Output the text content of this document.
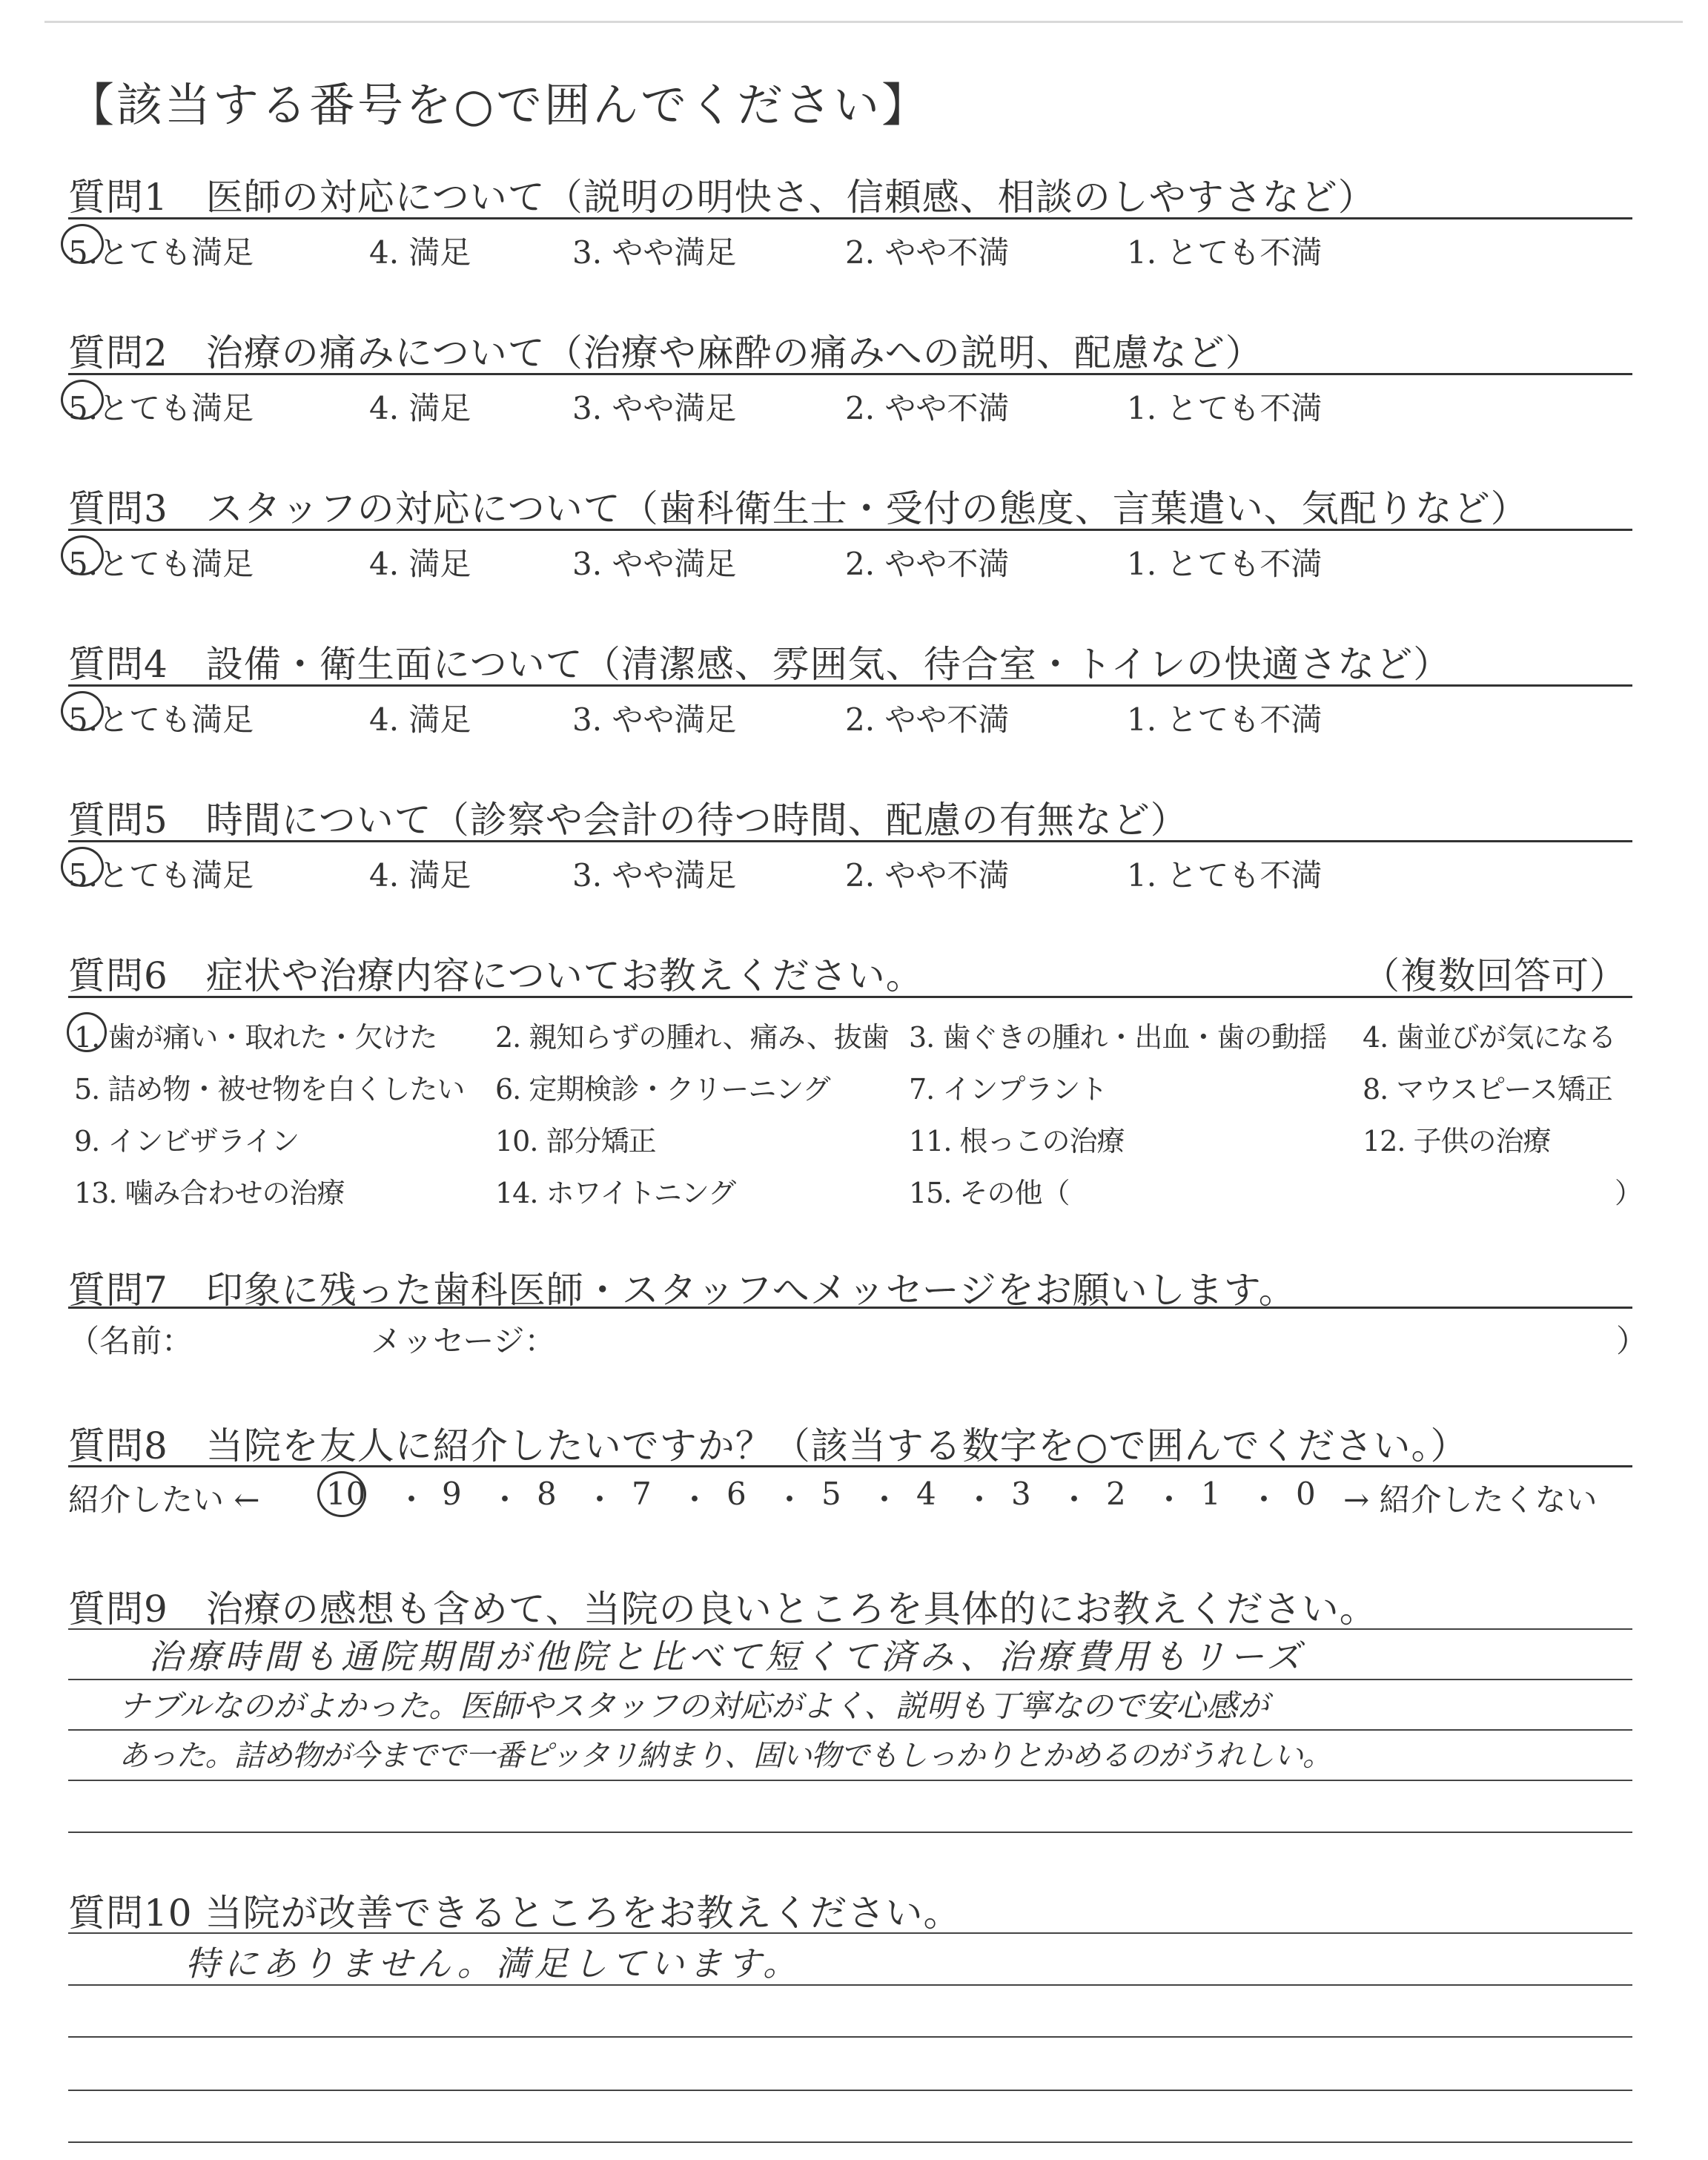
【該当する番号を○で囲んでください】
質問1　医師の対応について（説明の明快さ、信頼感、相談のしやすさなど）
5.とても満足	4. 満足	3. やや満足	2. やや不満	1. とても不満
質問2　治療の痛みについて（治療や麻酔の痛みへの説明、配慮など）
5.とても満足	4. 満足	3. やや満足	2. やや不満	1. とても不満
質問3　スタッフの対応について（歯科衛生士・受付の態度、言葉遣い、気配りなど）
5.とても満足	4. 満足	3. やや満足	2. やや不満	1. とても不満
質問4　設備・衛生面について（清潔感、雰囲気、待合室・トイレの快適さなど）
5.とても満足	4. 満足	3. やや満足	2. やや不満	1. とても不満
質問5　時間について（診察や会計の待つ時間、配慮の有無など）
5.とても満足	4. 満足	3. やや満足	2. やや不満	1. とても不満
質問6　症状や治療内容についてお教えください。	（複数回答可）
1. 歯が痛い・取れた・欠けた 2. 親知らずの腫れ、痛み、抜歯 3. 歯ぐきの腫れ・出血・歯の動揺 4. 歯並びが気になる
5. 詰め物・被せ物を白くしたい 6. 定期検診・クリーニング	7. インプラント	8. マウスピース矯正
9. インビザライン	10. 部分矯正	11. 根っこの治療	12. 子供の治療
13. 噛み合わせの治療	14. ホワイトニング	15. その他（	）
質問7　印象に残った歯科医師・スタッフへメッセージをお願いします。
（名前：	メッセージ：	）
質問8　当院を友人に紹介したいですか？（該当する数字を○で囲んでください。）
紹介したい ← 10 ・ 9 ・ 8 ・ 7 ・ 6 ・ 5 ・ 4 ・ 3 ・ 2 ・ 1 ・ 0 → 紹介したくない
質問9　治療の感想も含めて、当院の良いところを具体的にお教えください。
治療時間も通院期間が他院と比べて短くて済み、治療費用もリーズ
ナブルなのがよかった。医師やスタッフの対応がよく、説明も丁寧なので安心感が
あった。詰め物が今までで一番ピッタリ納まり、固い物でもしっかりとかめるのがうれしい。
質問10 当院が改善できるところをお教えください。
特にありません。満足しています。
